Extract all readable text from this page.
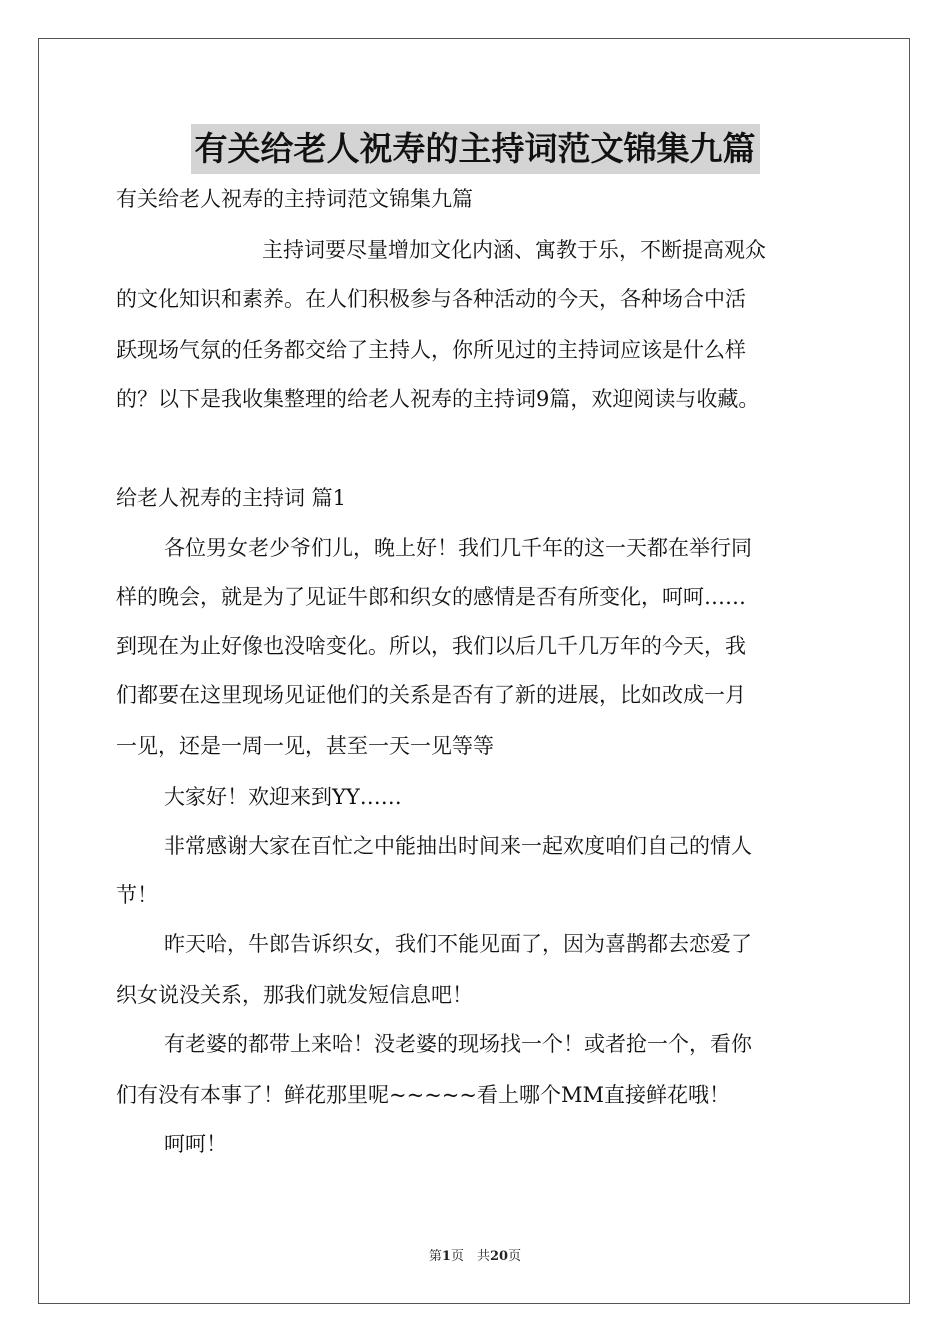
有关给老人祝寿的主持词范文锦集九篇
有关给老人祝寿的主持词范文锦集九篇
主持词要尽量增加文化内涵、寓教于乐，不断提高观众
的文化知识和素养。在人们积极参与各种活动的今天，各种场合中活
跃现场气氛的任务都交给了主持人，你所见过的主持词应该是什么样
的？以下是我收集整理的给老人祝寿的主持词9篇，欢迎阅读与收藏。
给老人祝寿的主持词 篇1
各位男女老少爷们儿，晚上好！我们几千年的这一天都在举行同
样的晚会，就是为了见证牛郎和织女的感情是否有所变化，呵呵……
到现在为止好像也没啥变化。所以，我们以后几千几万年的今天，我
们都要在这里现场见证他们的关系是否有了新的进展，比如改成一月
一见，还是一周一见，甚至一天一见等等
大家好！欢迎来到YY……
非常感谢大家在百忙之中能抽出时间来一起欢度咱们自己的情人
节！
昨天哈，牛郎告诉织女，我们不能见面了，因为喜鹊都去恋爱了
织女说没关系，那我们就发短信息吧！
有老婆的都带上来哈！没老婆的现场找一个！或者抢一个，看你
们有没有本事了！鲜花那里呢~~~~~看上哪个MM直接鲜花哦！
呵呵！
第1页　共20页
